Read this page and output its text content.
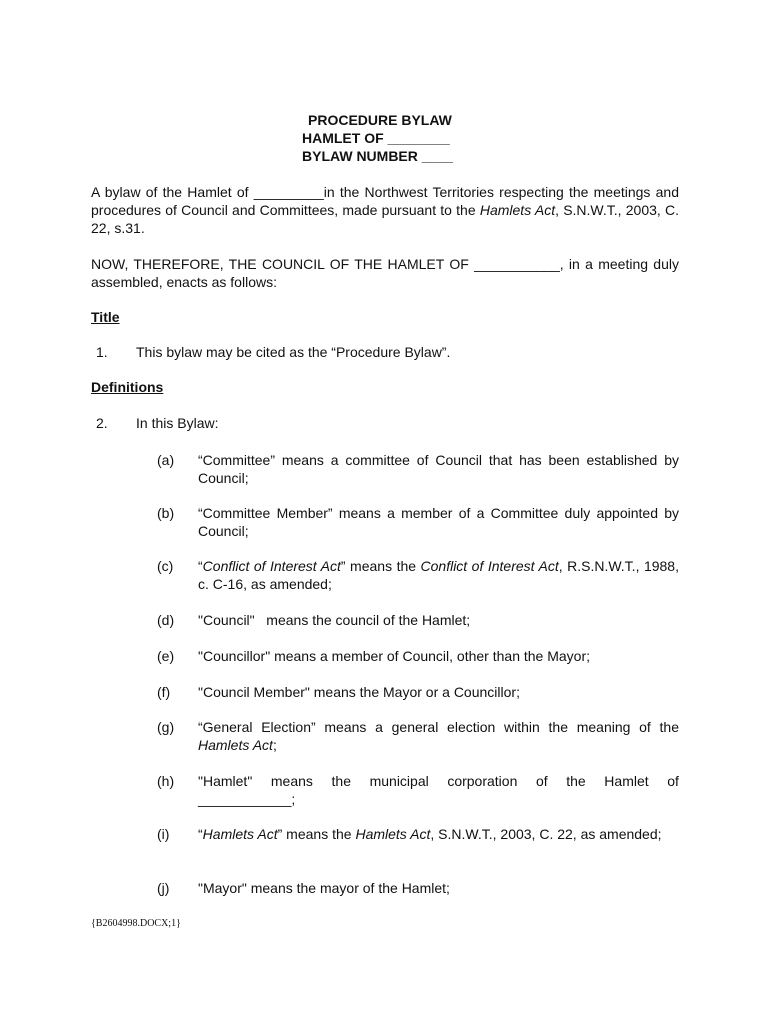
PROCEDURE BYLAW
HAMLET OF ________
BYLAW NUMBER ____
A bylaw of the Hamlet of _________in the Northwest Territories respecting the meetings and procedures of Council and Committees, made pursuant to the Hamlets Act, S.N.W.T., 2003, C. 22, s.31.
NOW, THEREFORE, THE COUNCIL OF THE HAMLET OF ___________, in a meeting duly assembled, enacts as follows:
Title
1. This bylaw may be cited as the “Procedure Bylaw”.
Definitions
2. In this Bylaw:
(a) “Committee” means a committee of Council that has been established by Council;
(b) “Committee Member” means a member of a Committee duly appointed by Council;
(c) “Conflict of Interest Act” means the Conflict of Interest Act, R.S.N.W.T., 1988, c. C-16, as amended;
(d) "Council"   means the council of the Hamlet;
(e) "Councillor" means a member of Council, other than the Mayor;
(f) "Council Member" means the Mayor or a Councillor;
(g) “General Election” means a general election within the meaning of the Hamlets Act;
(h) "Hamlet" means the municipal corporation of the Hamlet of
____________;
(i) “Hamlets Act” means the Hamlets Act, S.N.W.T., 2003, C. 22, as amended;
(j) "Mayor" means the mayor of the Hamlet;
{B2604998.DOCX;1}
